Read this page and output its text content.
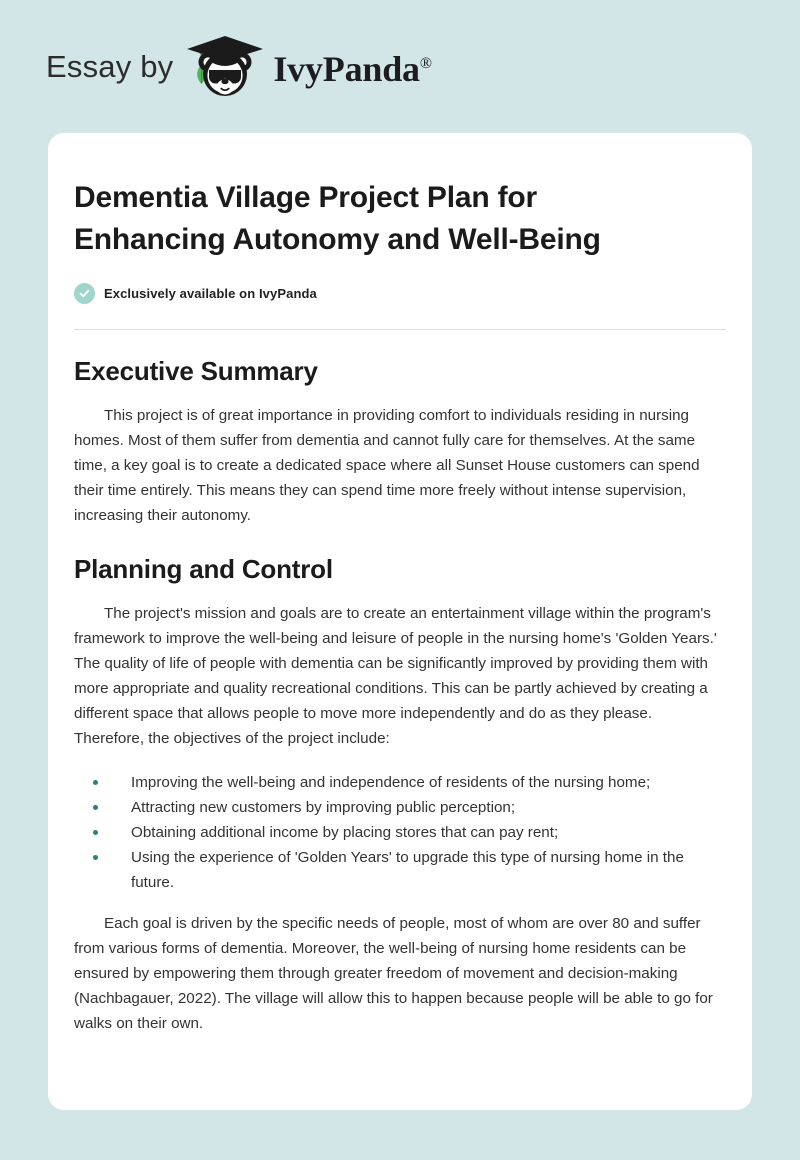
Essay by	IvyPanda®
Dementia Village Project Plan for Enhancing Autonomy and Well-Being
Exclusively available on IvyPanda
Executive Summary

This project is of great importance in providing comfort to individuals residing in nursing homes. Most of them suffer from dementia and cannot fully care for themselves. At the same time, a key goal is to create a dedicated space where all Sunset House customers can spend their time entirely. This means they can spend time more freely without intense supervision, increasing their autonomy.

Planning and Control

The project's mission and goals are to create an entertainment village within the program's framework to improve the well-being and leisure of people in the nursing home's 'Golden Years.' The quality of life of people with dementia can be significantly improved by providing them with more appropriate and quality recreational conditions. This can be partly achieved by creating a different space that allows people to move more independently and do as they please. Therefore, the objectives of the project include:

Improving the well-being and independence of residents of the nursing home;
Attracting new customers by improving public perception;
Obtaining additional income by placing stores that can pay rent;
Using the experience of 'Golden Years' to upgrade this type of nursing home in the future.

Each goal is driven by the specific needs of people, most of whom are over 80 and suffer from various forms of dementia. Moreover, the well-being of nursing home residents can be ensured by empowering them through greater freedom of movement and decision-making (Nachbagauer, 2022). The village will allow this to happen because people will be able to go for walks on their own.
